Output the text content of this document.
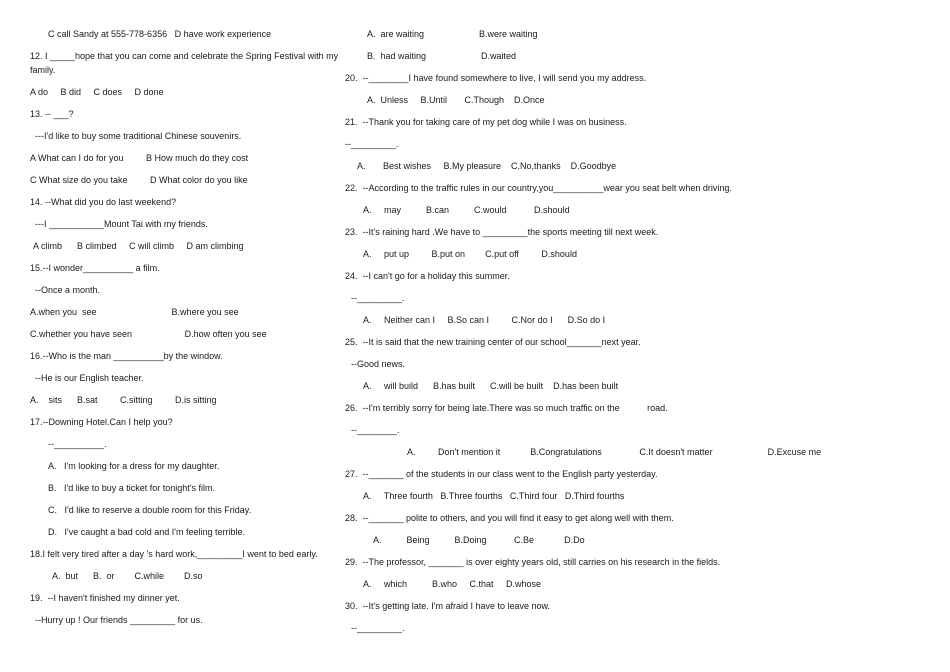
C call Sandy at 555-778-6356   D have work experience
12. I _____hope that you can come and celebrate the Spring Festival with my
family.
A do     B did     C does     D done
13. -- ___?
---I'd like to buy some traditional Chinese souvenirs.
A What can I do for you         B How much do they cost
C What size do you take         D What color do you like
14. --What did you do last weekend?
---I ___________Mount Tai with my friends.
A climb      B climbed     C will climb     D am climbing
15.--I wonder__________ a film.
--Once a month.
A.when you  see                              B.where you see
C.whether you have seen                     D.how often you see
16.--Who is the man __________by the window.
--He is our English teacher.
A.    sits      B.sat         C.sitting         D.is sitting
17.--Downing Hotel.Can I help you?
--__________.
A.   I'm looking for a dress for my daughter.
B.   I'd like to buy a ticket for tonight's film.
C.   I'd like to reserve a double room for this Friday.
D.   I've caught a bad cold and I'm feeling terrible.
18.I felt very tired after a day 's hard work,_________I went to bed early.
A.  but      B.  or        C.while        D.so
19.  --I haven't finished my dinner yet.
--Hurry up ! Our friends _________ for us.
A.  are waiting                      B.were waiting
B.  had waiting                      D.waited
20.  --________I have found somewhere to live, I will send you my address.
A.  Unless     B.Until       C.Though    D.Once
21.  --Thank you for taking care of my pet dog while I was on business.
--_________.
A.       Best wishes     B.My pleasure    C.No,thanks    D.Goodbye
22.  --According to the traffic rules in our country,you__________wear you seat belt when driving.
A.     may          B.can          C.would           D.should
23.  --It's raining hard .We have to _________the sports meeting till next week.
A.     put up         B.put on        C.put off         D.should
24.  --I can't go for a holiday this summer.
--_________.
A.     Neither can I     B.So can I         C.Nor do I      D.So do I
25.  --It is said that the new training center of our school_______next year.
--Good news.
A.     will build      B.has built      C.will be built    D.has been built
26.  --I'm terribly sorry for being late.There was so much traffic on the           road.
--________.
A.         Don't mention it            B.Congratulations               C.It doesn't matter                      D.Excuse me
27.  --_______ of the students in our class went to the English party yesterday.
A.     Three fourth   B.Three fourths   C.Third four   D.Third fourths
28.  --_______ polite to others, and you will find it easy to get along well with them.
A.          Being          B.Doing           C.Be            D.Do
29.  --The professor, _______ is over eighty years old, still carries on his research in the fields.
A.     which          B.who     C.that     D.whose
30.  --It's getting late. I'm afraid I have to leave now.
--_________.
